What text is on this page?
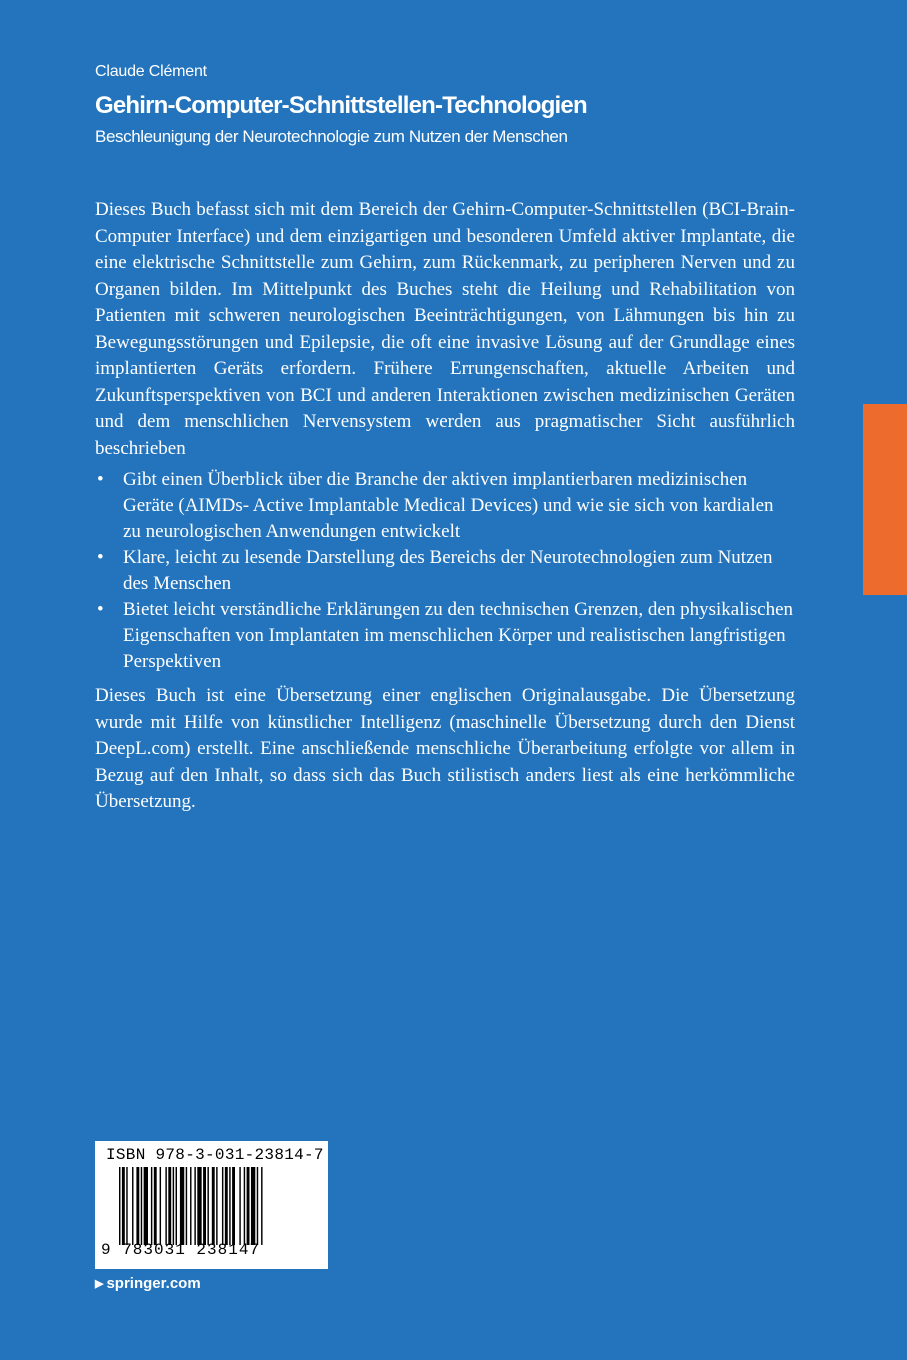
Claude Clément
Gehirn-Computer-Schnittstellen-Technologien
Beschleunigung der Neurotechnologie zum Nutzen der Menschen

Dieses Buch befasst sich mit dem Bereich der Gehirn-Computer-Schnittstellen (BCI-Brain-Computer Interface) und dem einzigartigen und besonderen Umfeld aktiver Implantate, die eine elektrische Schnittstelle zum Gehirn, zum Rückenmark, zu peripheren Nerven und zu Organen bilden. Im Mittelpunkt des Buches steht die Heilung und Rehabilitation von Patienten mit schweren neurologischen Beeinträchtigungen, von Lähmungen bis hin zu Bewegungsstörungen und Epilepsie, die oft eine invasive Lösung auf der Grundlage eines implantierten Geräts erfordern. Frühere Errungenschaften, aktuelle Arbeiten und Zukunftsperspektiven von BCI und anderen Interaktionen zwischen medizinischen Geräten und dem menschlichen Nervensystem werden aus pragmatischer Sicht ausführlich beschrieben

• Gibt einen Überblick über die Branche der aktiven implantierbaren medizinischen Geräte (AIMDs- Active Implantable Medical Devices) und wie sie sich von kardialen zu neurologischen Anwendungen entwickelt
• Klare, leicht zu lesende Darstellung des Bereichs der Neurotechnologien zum Nutzen des Menschen
• Bietet leicht verständliche Erklärungen zu den technischen Grenzen, den physikalischen Eigenschaften von Implantaten im menschlichen Körper und realistischen langfristigen Perspektiven

Dieses Buch ist eine Übersetzung einer englischen Originalausgabe. Die Übersetzung wurde mit Hilfe von künstlicher Intelligenz (maschinelle Übersetzung durch den Dienst DeepL.com) erstellt. Eine anschließende menschliche Überarbeitung erfolgte vor allem in Bezug auf den Inhalt, so dass sich das Buch stilistisch anders liest als eine herkömmliche Übersetzung.

ISBN 978-3-031-23814-7
9 783031 238147
▶ springer.com
